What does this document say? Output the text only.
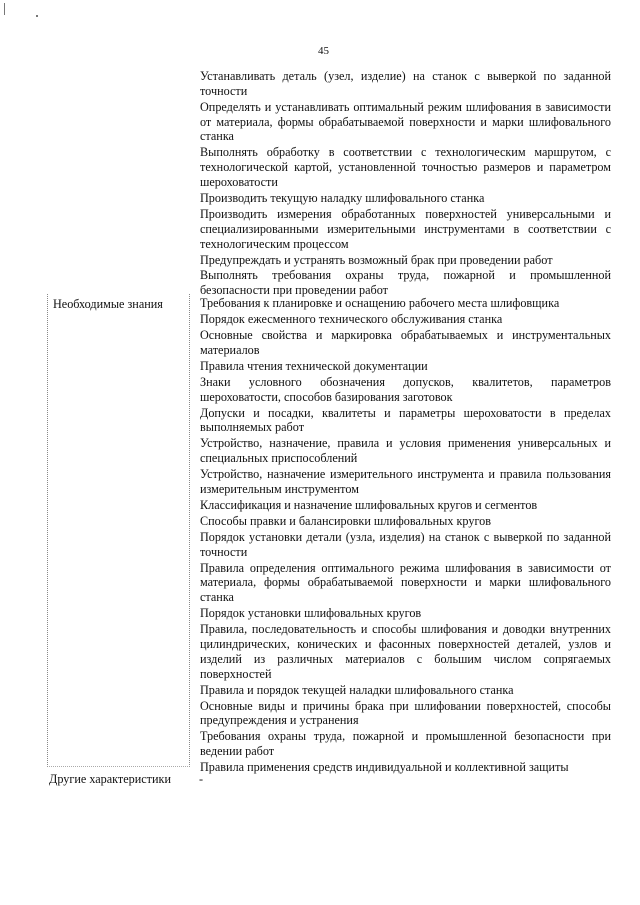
45
Устанавливать деталь (узел, изделие) на станок с выверкой по заданной точности
Определять и устанавливать оптимальный режим шлифования в зависимости от материала, формы обрабатываемой поверхности и марки шлифовального станка
Выполнять обработку в соответствии с технологическим маршрутом, с технологической картой, установленной точностью размеров и параметром шероховатости
Производить текущую наладку шлифовального станка
Производить измерения обработанных поверхностей универсальными и специализированными измерительными инструментами в соответствии с технологическим процессом
Предупреждать и устранять возможный брак при проведении работ
Выполнять требования охраны труда, пожарной и промышленной безопасности при проведении работ
Необходимые знания	Требования к планировке и оснащению рабочего места шлифовщика
Порядок ежесменного технического обслуживания станка
Основные свойства и маркировка обрабатываемых и инструментальных материалов
Правила чтения технической документации
Знаки условного обозначения допусков, квалитетов, параметров шероховатости, способов базирования заготовок
Допуски и посадки, квалитеты и параметры шероховатости в пределах выполняемых работ
Устройство, назначение, правила и условия применения универсальных и специальных приспособлений
Устройство, назначение измерительного инструмента и правила пользования измерительным инструментом
Классификация и назначение шлифовальных кругов и сегментов
Способы правки и балансировки шлифовальных кругов
Порядок установки детали (узла, изделия) на станок с выверкой по заданной точности
Правила определения оптимального режима шлифования в зависимости от материала, формы обрабатываемой поверхности и марки шлифовального станка
Порядок установки шлифовальных кругов
Правила, последовательность и способы шлифования и доводки внутренних цилиндрических, конических и фасонных поверхностей деталей, узлов и изделий из различных материалов с большим числом сопрягаемых поверхностей
Правила и порядок текущей наладки шлифовального станка
Основные виды и причины брака при шлифовании поверхностей, способы предупреждения и устранения
Требования охраны труда, пожарной и промышленной безопасности при ведении работ
Правила применения средств индивидуальной и коллективной защиты
Другие характеристики -
